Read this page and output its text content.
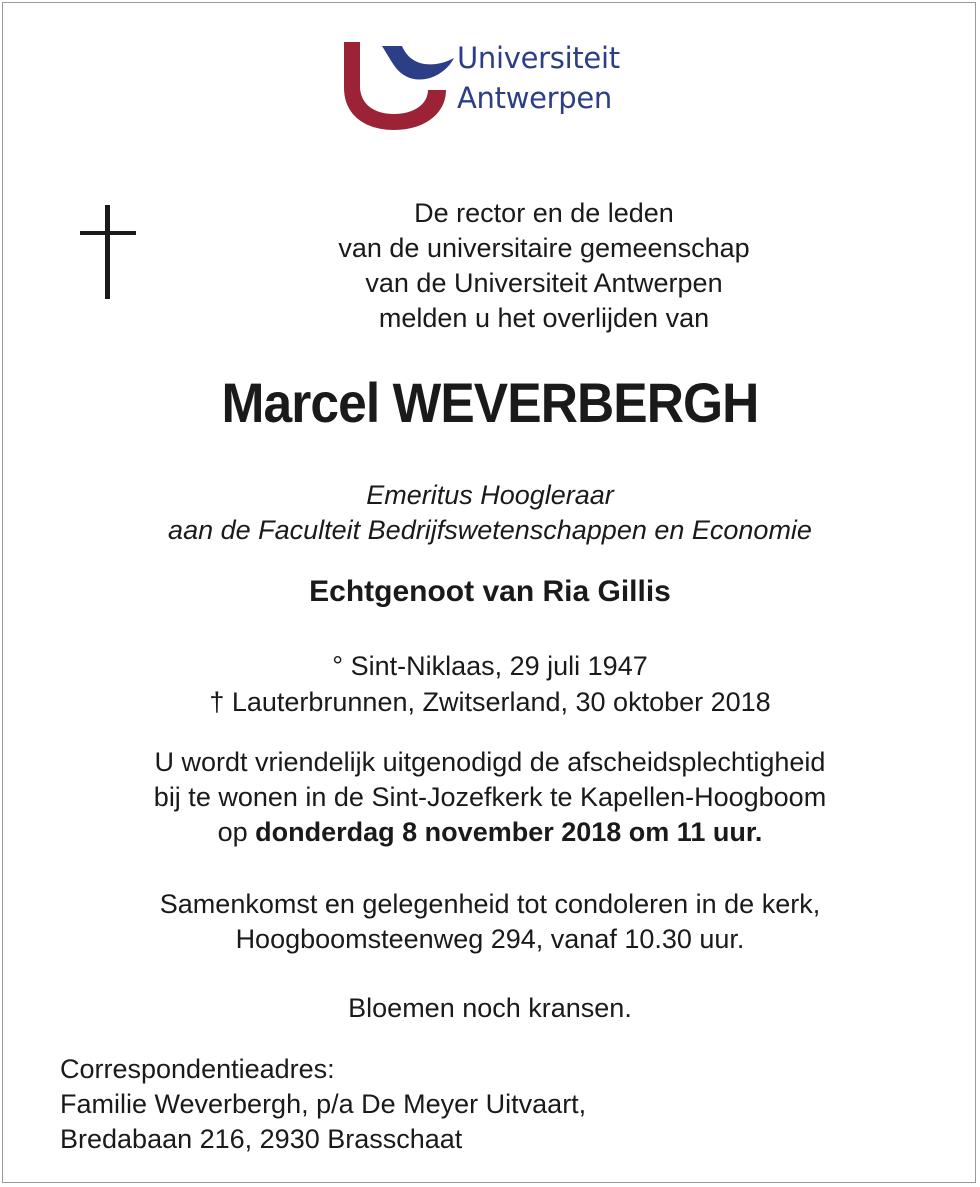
Universiteit
Antwerpen
De rector en de leden
van de universitaire gemeenschap
van de Universiteit Antwerpen
melden u het overlijden van
Marcel WEVERBERGH
Emeritus Hoogleraar
aan de Faculteit Bedrijfswetenschappen en Economie
Echtgenoot van Ria Gillis
° Sint-Niklaas, 29 juli 1947
† Lauterbrunnen, Zwitserland, 30 oktober 2018
U wordt vriendelijk uitgenodigd de afscheidsplechtigheid
bij te wonen in de Sint-Jozefkerk te Kapellen-Hoogboom
op donderdag 8 november 2018 om 11 uur.
Samenkomst en gelegenheid tot condoleren in de kerk,
Hoogboomsteenweg 294, vanaf 10.30 uur.
Bloemen noch kransen.
Correspondentieadres:
Familie Weverbergh, p/a De Meyer Uitvaart,
Bredabaan 216, 2930 Brasschaat
